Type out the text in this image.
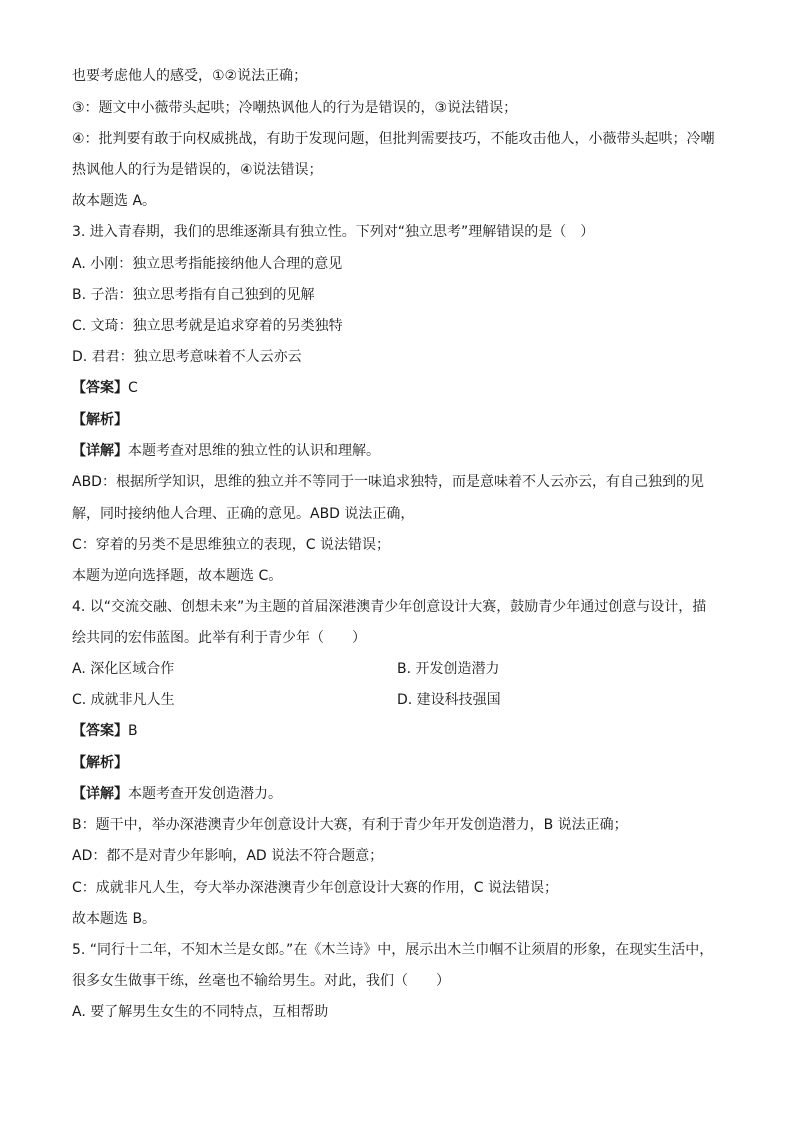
也要考虑他人的感受，①②说法正确；
③：题文中小薇带头起哄；冷嘲热讽他人的行为是错误的，③说法错误；
④：批判要有敢于向权威挑战，有助于发现问题，但批判需要技巧，不能攻击他人，小薇带头起哄；冷嘲
热讽他人的行为是错误的，④说法错误；
故本题选 A。
3. 进入青春期，我们的思维逐渐具有独立性。下列对“独立思考”理解错误的是（　）
A. 小刚：独立思考指能接纳他人合理的意见
B. 子浩：独立思考指有自己独到的见解
C. 文琦：独立思考就是追求穿着的另类独特
D. 君君：独立思考意味着不人云亦云
【答案】C
【解析】
【详解】本题考查对思维的独立性的认识和理解。
ABD：根据所学知识，思维的独立并不等同于一味追求独特，而是意味着不人云亦云，有自己独到的见
解，同时接纳他人合理、正确的意见。ABD 说法正确，
C：穿着的另类不是思维独立的表现，C 说法错误；
本题为逆向选择题，故本题选 C。
4. 以“交流交融、创想未来”为主题的首届深港澳青少年创意设计大赛，鼓励青少年通过创意与设计，描
绘共同的宏伟蓝图。此举有利于青少年（　　）
A. 深化区域合作	B. 开发创造潜力
C. 成就非凡人生	D. 建设科技强国
【答案】B
【解析】
【详解】本题考查开发创造潜力。
B：题干中，举办深港澳青少年创意设计大赛，有利于青少年开发创造潜力，B 说法正确；
AD：都不是对青少年影响，AD 说法不符合题意；
C：成就非凡人生，夸大举办深港澳青少年创意设计大赛的作用，C 说法错误；
故本题选 B。
5. “同行十二年，不知木兰是女郎。”在《木兰诗》中，展示出木兰巾帼不让须眉的形象，在现实生活中，
很多女生做事干练，丝毫也不输给男生。对此，我们（　　）
A. 要了解男生女生的不同特点，互相帮助
